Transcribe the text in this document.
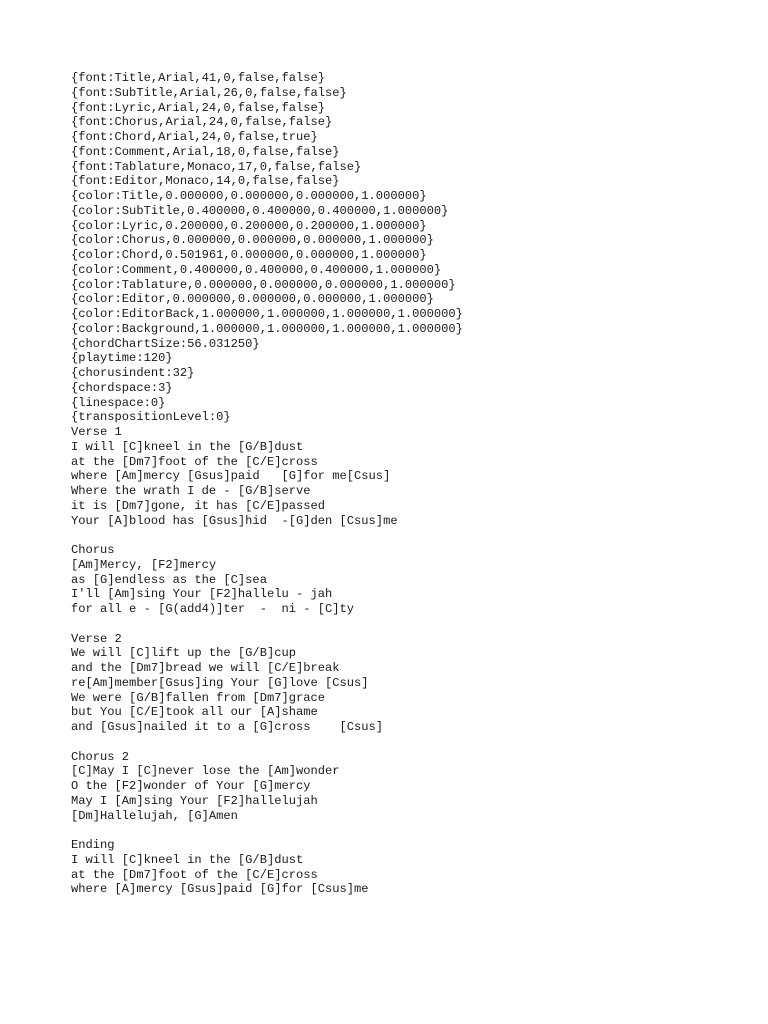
{font:Title,Arial,41,0,false,false}
{font:SubTitle,Arial,26,0,false,false}
{font:Lyric,Arial,24,0,false,false}
{font:Chorus,Arial,24,0,false,false}
{font:Chord,Arial,24,0,false,true}
{font:Comment,Arial,18,0,false,false}
{font:Tablature,Monaco,17,0,false,false}
{font:Editor,Monaco,14,0,false,false}
{color:Title,0.000000,0.000000,0.000000,1.000000}
{color:SubTitle,0.400000,0.400000,0.400000,1.000000}
{color:Lyric,0.200000,0.200000,0.200000,1.000000}
{color:Chorus,0.000000,0.000000,0.000000,1.000000}
{color:Chord,0.501961,0.000000,0.000000,1.000000}
{color:Comment,0.400000,0.400000,0.400000,1.000000}
{color:Tablature,0.000000,0.000000,0.000000,1.000000}
{color:Editor,0.000000,0.000000,0.000000,1.000000}
{color:EditorBack,1.000000,1.000000,1.000000,1.000000}
{color:Background,1.000000,1.000000,1.000000,1.000000}
{chordChartSize:56.031250}
{playtime:120}
{chorusindent:32}
{chordspace:3}
{linespace:0}
{transpositionLevel:0}
Verse 1
I will [C]kneel in the [G/B]dust
at the [Dm7]foot of the [C/E]cross
where [Am]mercy [Gsus]paid   [G]for me[Csus]
Where the wrath I de - [G/B]serve
it is [Dm7]gone, it has [C/E]passed
Your [A]blood has [Gsus]hid  -[G]den [Csus]me
Chorus
[Am]Mercy, [F2]mercy
as [G]endless as the [C]sea
I'll [Am]sing Your [F2]hallelu - jah
for all e - [G(add4)]ter  -  ni - [C]ty
Verse 2
We will [C]lift up the [G/B]cup
and the [Dm7]bread we will [C/E]break
re[Am]member[Gsus]ing Your [G]love [Csus]
We were [G/B]fallen from [Dm7]grace
but You [C/E]took all our [A]shame
and [Gsus]nailed it to a [G]cross    [Csus]
Chorus 2
[C]May I [C]never lose the [Am]wonder
O the [F2]wonder of Your [G]mercy
May I [Am]sing Your [F2]hallelujah
[Dm]Hallelujah, [G]Amen
Ending
I will [C]kneel in the [G/B]dust
at the [Dm7]foot of the [C/E]cross
where [A]mercy [Gsus]paid [G]for [Csus]me
